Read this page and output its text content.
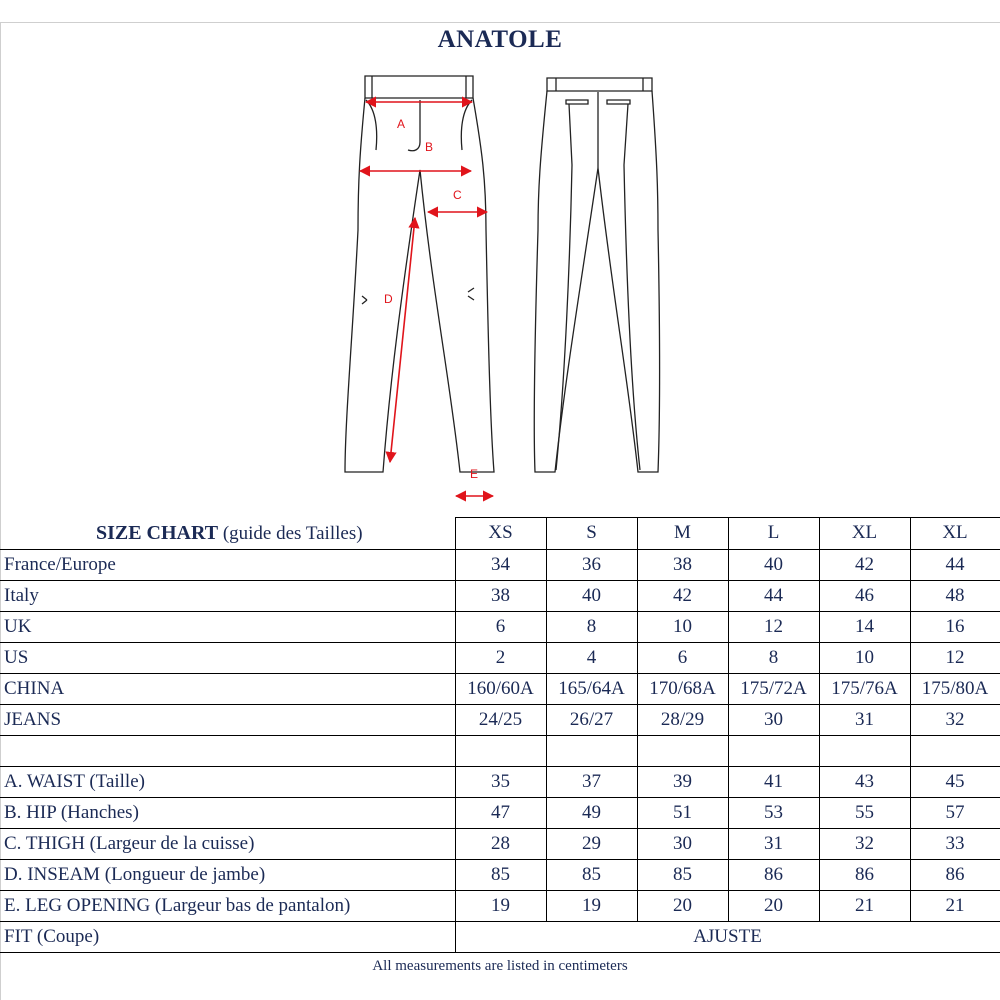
ANATOLE
A
B
C
D
E
SIZE CHART (guide des Tailles)	XS	S	M	L	XL	XL
France/Europe	34	36	38	40	42	44
Italy	38	40	42	44	46	48
UK	6	8	10	12	14	16
US	2	4	6	8	10	12
CHINA	160/60A	165/64A	170/68A	175/72A	175/76A	175/80A
JEANS	24/25	26/27	28/29	30	31	32

A. WAIST (Taille)	35	37	39	41	43	45
B. HIP (Hanches)	47	49	51	53	55	57
C. THIGH (Largeur de la cuisse)	28	29	30	31	32	33
D. INSEAM (Longueur de jambe)	85	85	85	86	86	86
E. LEG OPENING (Largeur bas de pantalon)	19	19	20	20	21	21
FIT (Coupe)	AJUSTE					
All measurements are listed in centimeters
